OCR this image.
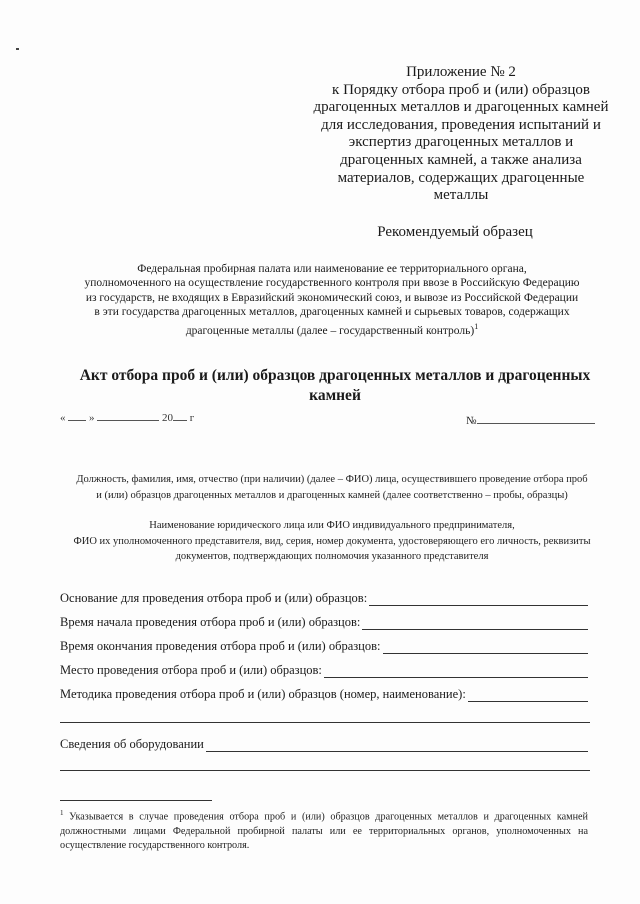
Приложение № 2
к Порядку отбора проб и (или) образцов
драгоценных металлов и драгоценных камней
для исследования, проведения испытаний и
экспертиз драгоценных металлов и
драгоценных камней, а также анализа
материалов, содержащих драгоценные
металлы
Рекомендуемый образец
Федеральная пробирная палата или наименование ее территориального органа,
уполномоченного на осуществление государственного контроля при ввозе в Российскую Федерацию
из государств, не входящих в Евразийский экономический союз, и вывозе из Российской Федерации
в эти государства драгоценных металлов, драгоценных камней и сырьевых товаров, содержащих
драгоценные металлы (далее – государственный контроль)$^1$
Акт отбора проб и (или) образцов драгоценных металлов и драгоценных
камней
« »	20 г	№
Должность, фамилия, имя, отчество (при наличии) (далее – ФИО) лица, осуществившего проведение отбора проб
и (или) образцов драгоценных металлов и драгоценных камней (далее соответственно – пробы, образцы)
Наименование юридического лица или ФИО индивидуального предпринимателя,
ФИО их уполномоченного представителя, вид, серия, номер документа, удостоверяющего его личность, реквизиты
документов, подтверждающих полномочия указанного представителя
Основание для проведения отбора проб и (или) образцов:
Время начала проведения отбора проб и (или) образцов:
Время окончания проведения отбора проб и (или) образцов:
Место проведения отбора проб и (или) образцов:
Методика проведения отбора проб и (или) образцов (номер, наименование):
Сведения об оборудовании
$^1$ Указывается в случае проведения отбора проб и (или) образцов драгоценных металлов и драгоценных камней должностными лицами Федеральной пробирной палаты или ее территориальных органов, уполномоченных на осуществление государственного контроля.
